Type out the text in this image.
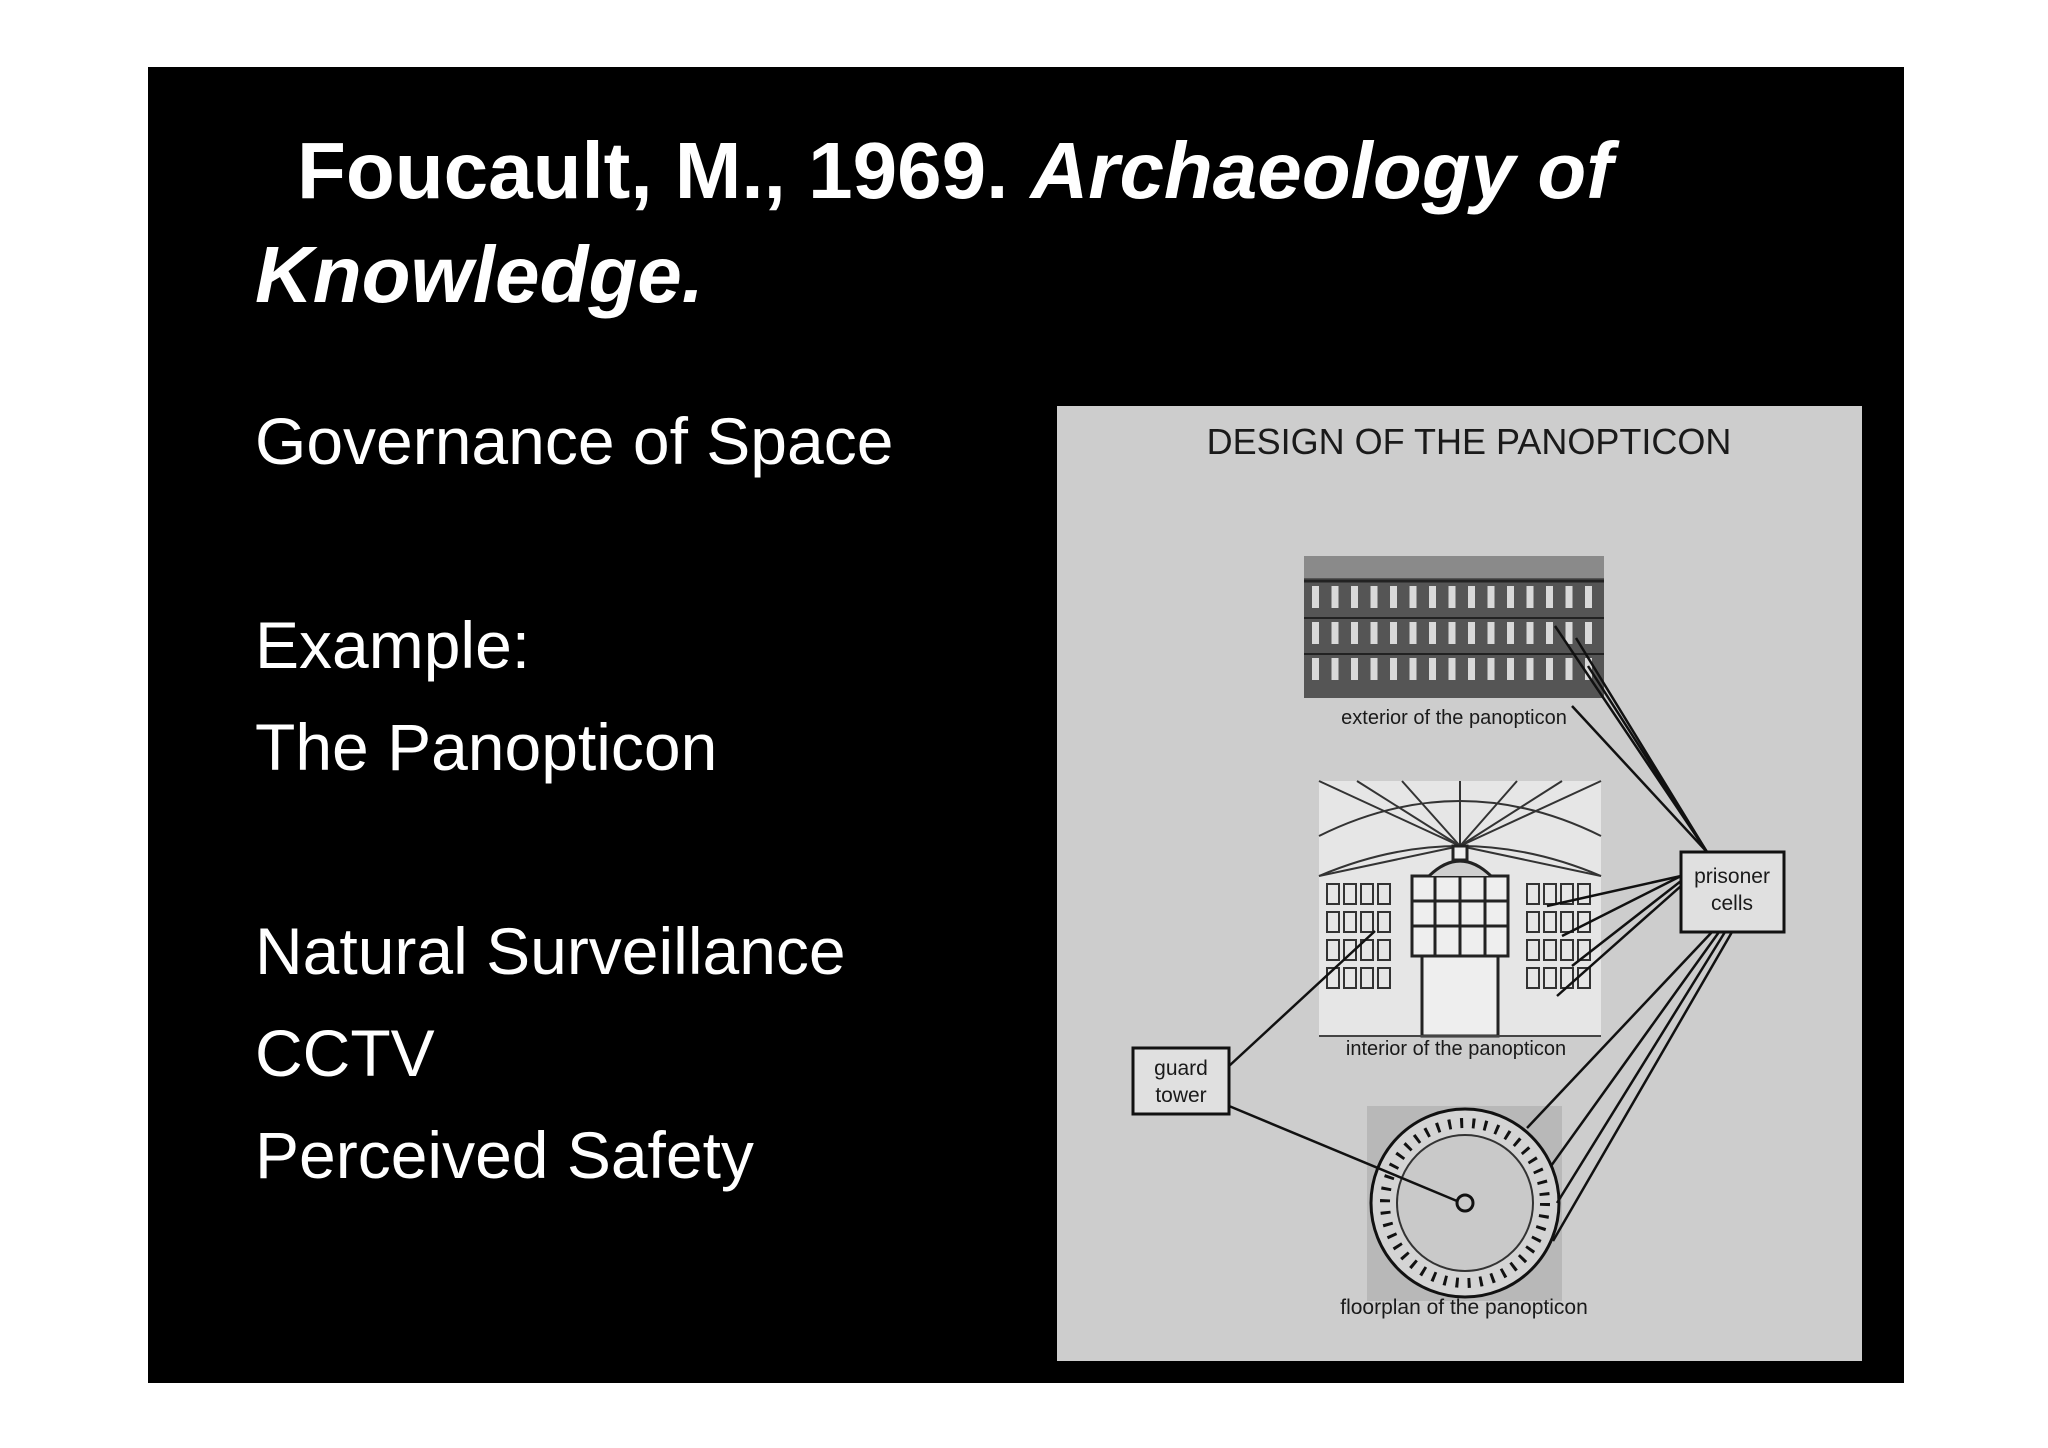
Foucault, M., 1969. Archaeology of Knowledge.
Governance of Space
Example:
The Panopticon
Natural Surveillance
CCTV
Perceived Safety
DESIGN OF THE PANOPTICON
exterior of the panopticon
interior of the panopticon
floorplan of the panopticon
prisoner
cells
guard
tower
